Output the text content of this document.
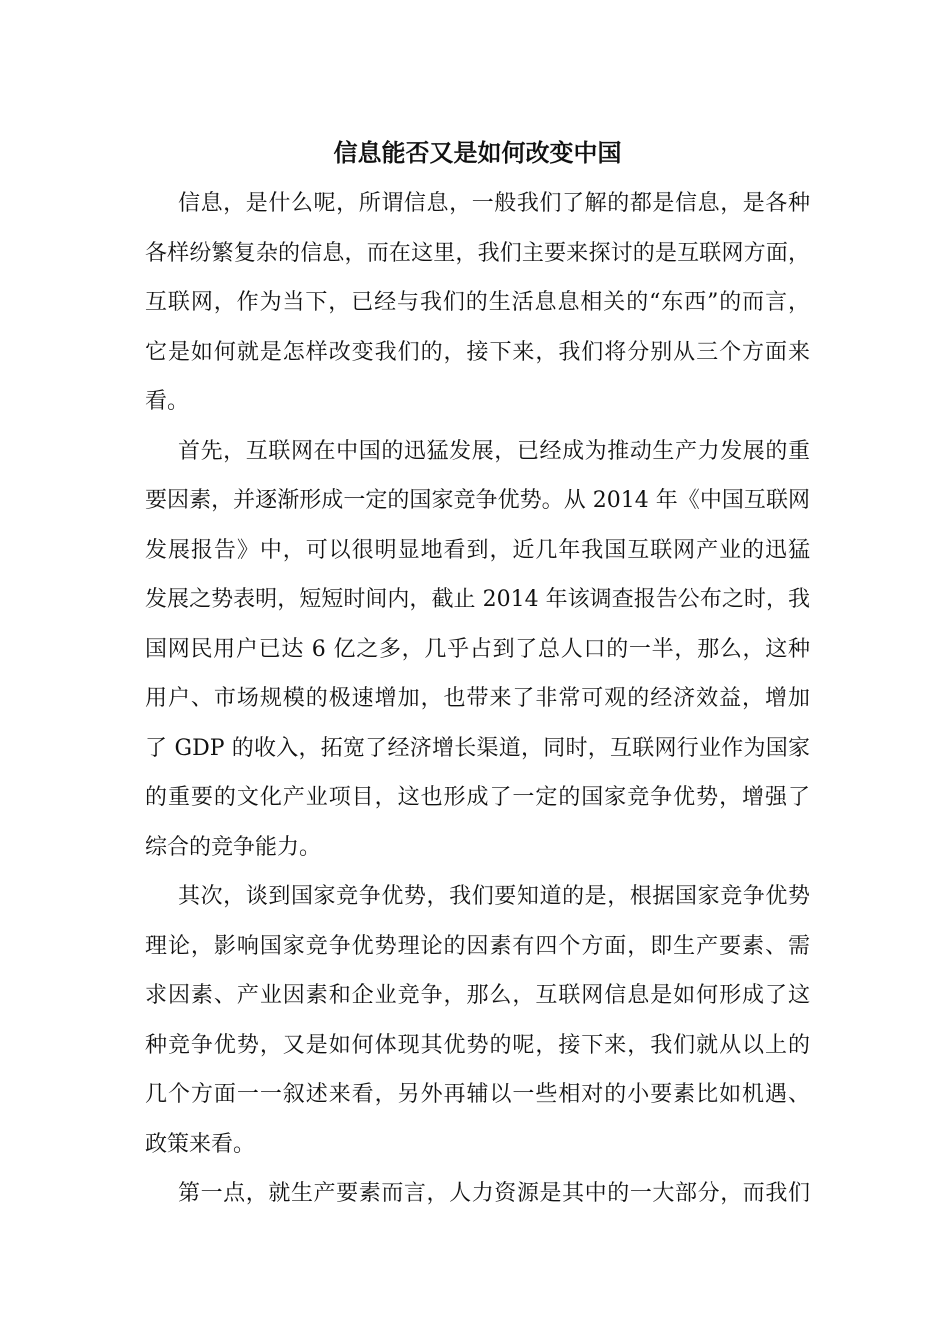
信息能否又是如何改变中国
信息，是什么呢，所谓信息，一般我们了解的都是信息，是各种
各样纷繁复杂的信息，而在这里，我们主要来探讨的是互联网方面，
互联网，作为当下，已经与我们的生活息息相关的“东西”的而言，
它是如何就是怎样改变我们的，接下来，我们将分别从三个方面来
看。
首先，互联网在中国的迅猛发展，已经成为推动生产力发展的重
要因素，并逐渐形成一定的国家竞争优势。从 2014 年《中国互联网
发展报告》中，可以很明显地看到，近几年我国互联网产业的迅猛
发展之势表明，短短时间内，截止 2014 年该调查报告公布之时，我
国网民用户已达 6 亿之多，几乎占到了总人口的一半，那么，这种
用户、市场规模的极速增加，也带来了非常可观的经济效益，增加
了 GDP 的收入，拓宽了经济增长渠道，同时，互联网行业作为国家
的重要的文化产业项目，这也形成了一定的国家竞争优势，增强了
综合的竞争能力。
其次，谈到国家竞争优势，我们要知道的是，根据国家竞争优势
理论，影响国家竞争优势理论的因素有四个方面，即生产要素、需
求因素、产业因素和企业竞争，那么，互联网信息是如何形成了这
种竞争优势，又是如何体现其优势的呢，接下来，我们就从以上的
几个方面一一叙述来看，另外再辅以一些相对的小要素比如机遇、
政策来看。
第一点，就生产要素而言，人力资源是其中的一大部分，而我们
